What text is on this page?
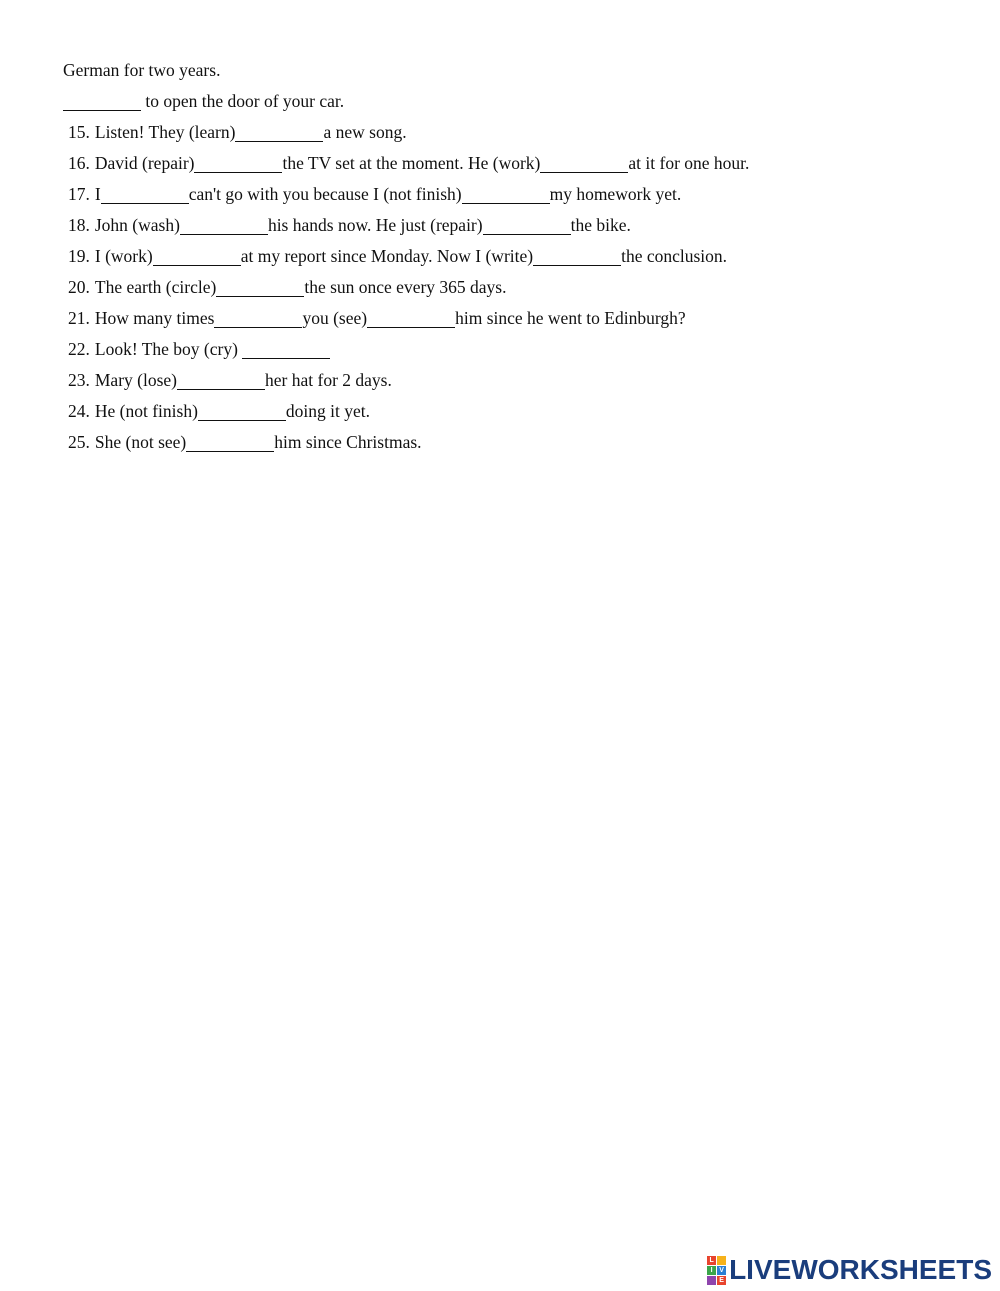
German for two years.
to open the door of your car.
15. Listen! They (learn)	a new song.
16. David (repair)	the TV set at the moment. He (work)	at it for one hour.
17. I	can't go with you because I (not finish)	my homework yet.
18. John (wash)	his hands now. He just (repair)	the bike.
19. I (work)	at my report since Monday. Now I (write)	the conclusion.
20. The earth (circle)	the sun once every 365 days.
21. How many times	you (see)	him since he went to Edinburgh?
22. Look! The boy (cry)
23. Mary (lose)	her hat for 2 days.
24. He (not finish)	doing it yet.
25. She (not see)	him since Christmas.
L
I V
E LIVEWORKSHEETS
